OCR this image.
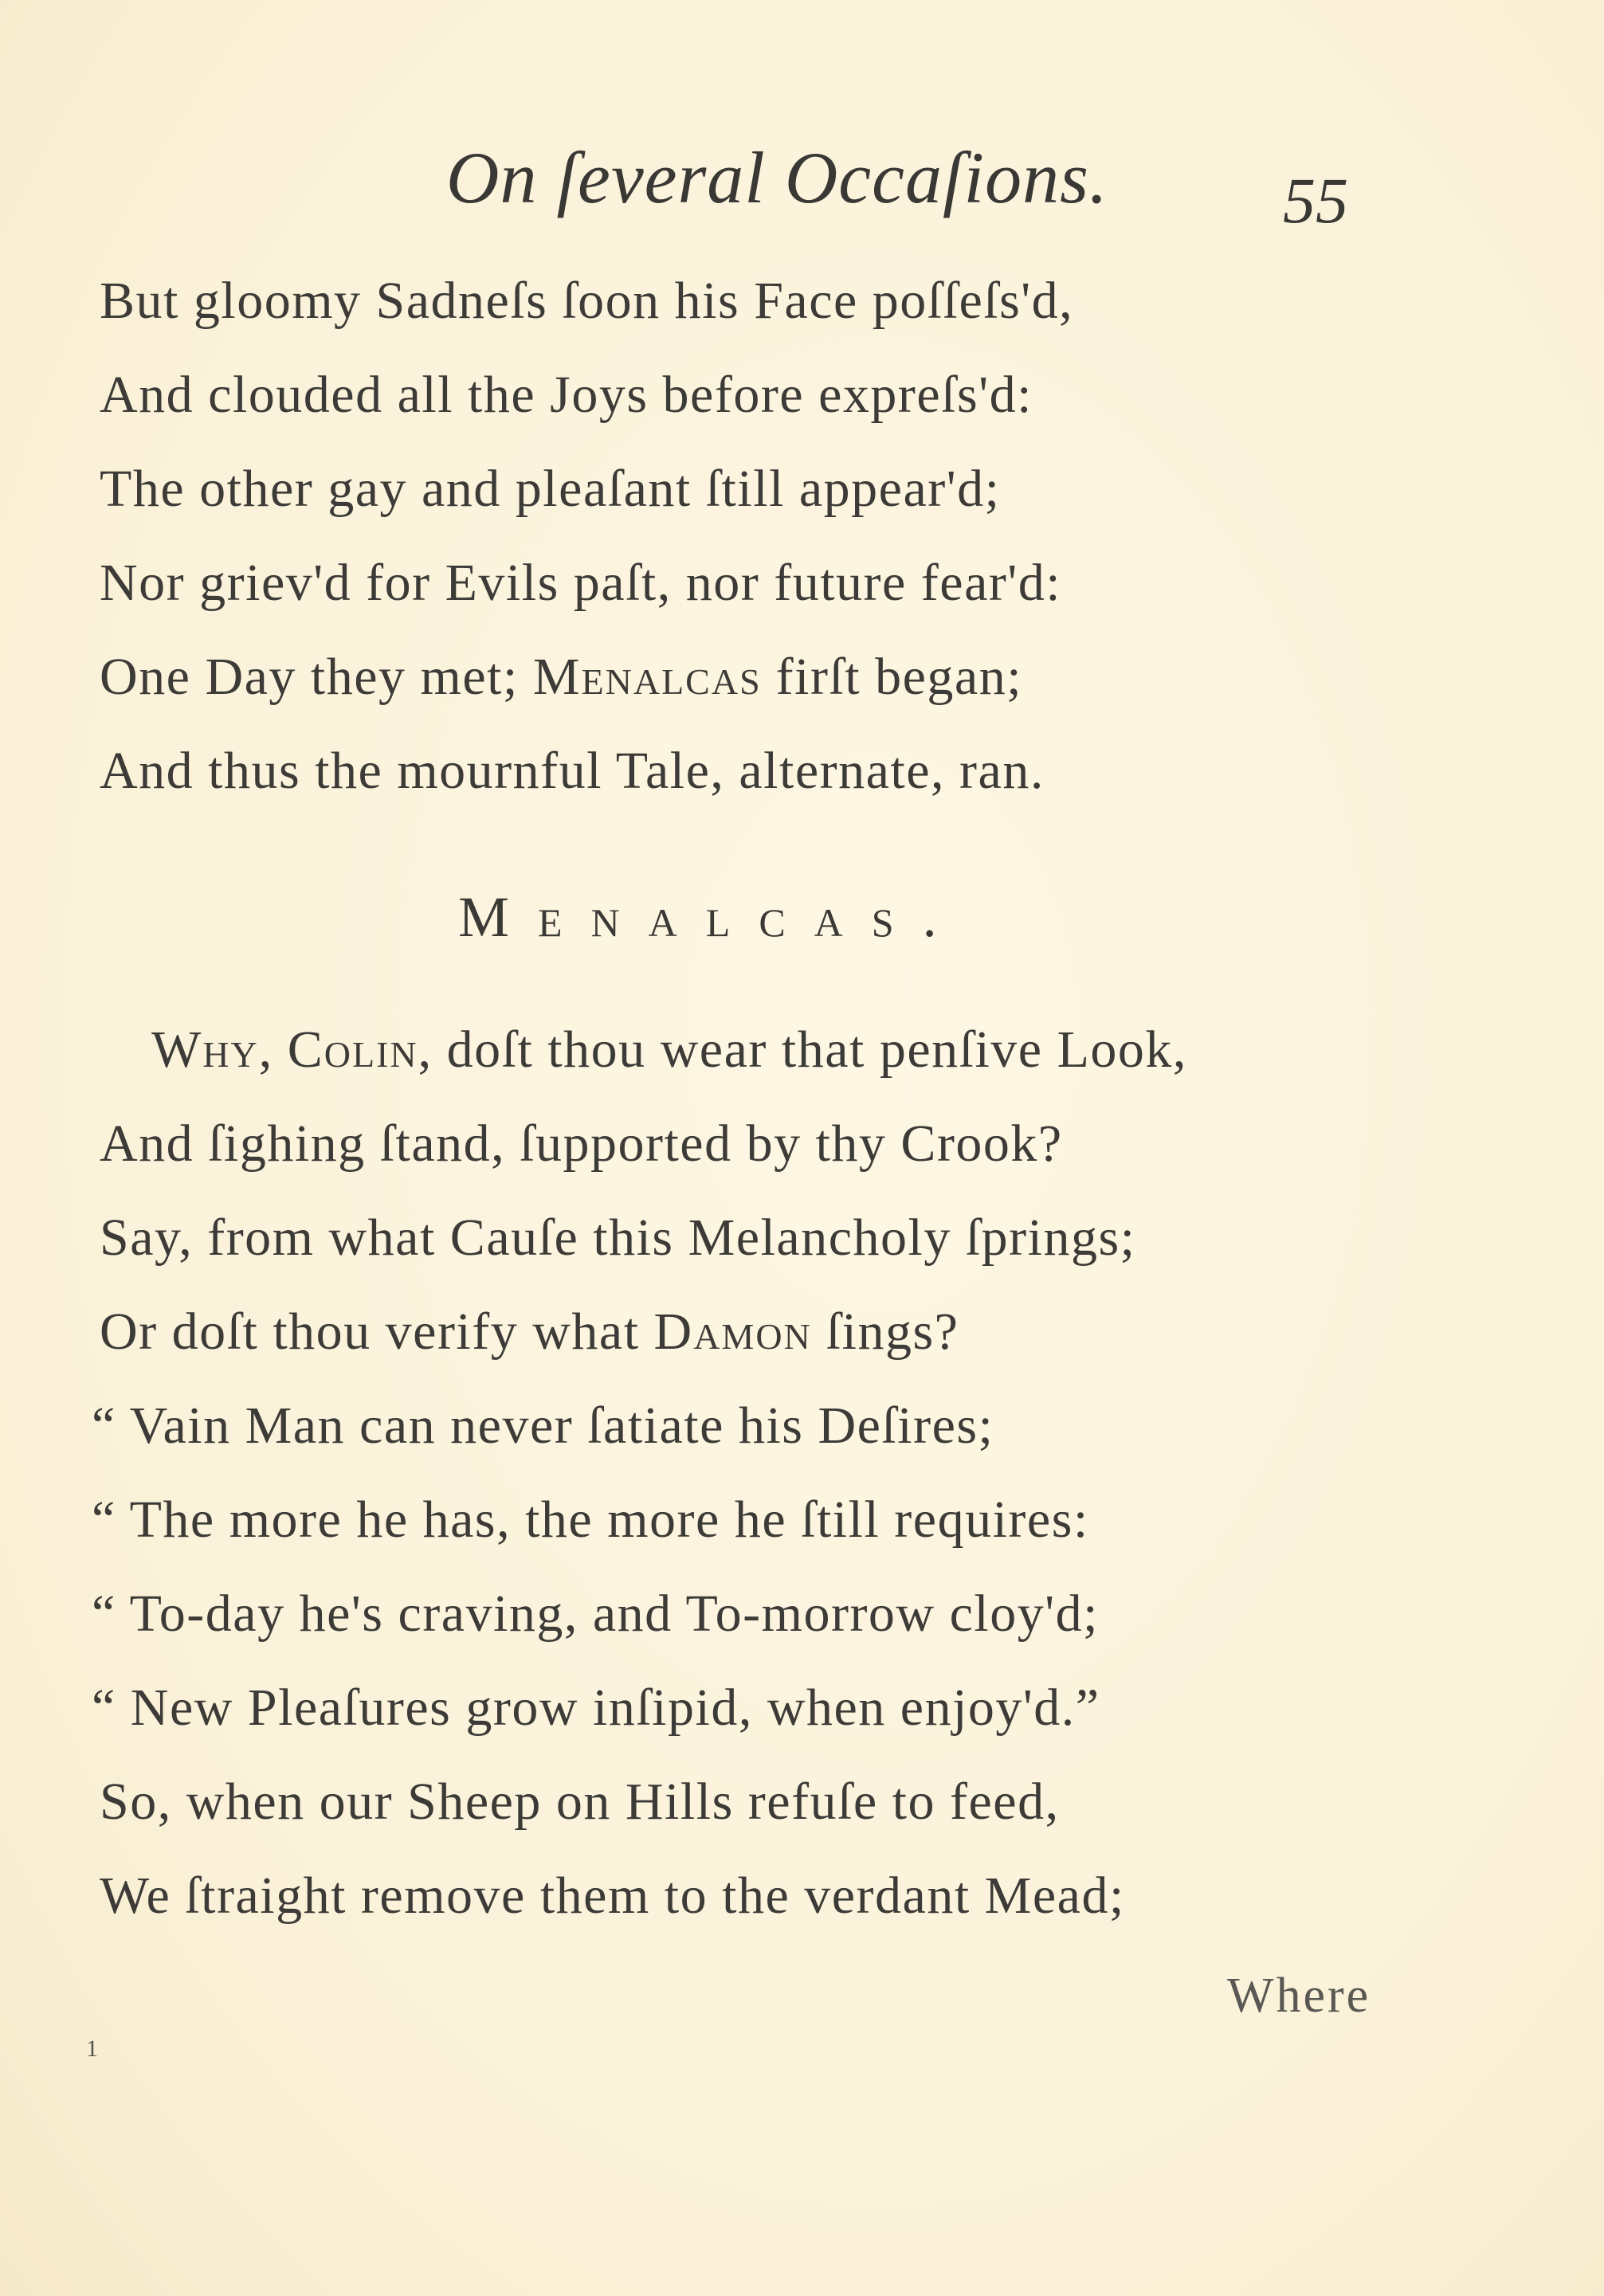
On ſeveral Occaſions.	55
But gloomy Sadneſs ſoon his Face poſſeſs'd,
And clouded all the Joys before expreſs'd:
The other gay and pleaſant ſtill appear'd;
Nor griev'd for Evils paſt, nor future fear'd:
One Day they met; Menalcas firſt began;
And thus the mournful Tale, alternate, ran.
Menalcas.
Why, Colin, doſt thou wear that penſive Look,
And ſighing ſtand, ſupported by thy Crook?
Say, from what Cauſe this Melancholy ſprings;
Or doſt thou verify what Damon ſings?
“ Vain Man can never ſatiate his Deſires;
“ The more he has, the more he ſtill requires:
“ To-day he's craving, and To-morrow cloy'd;
“ New Pleaſures grow inſipid, when enjoy'd.”
So, when our Sheep on Hills refuſe to feed,
We ſtraight remove them to the verdant Mead;
Where
1
